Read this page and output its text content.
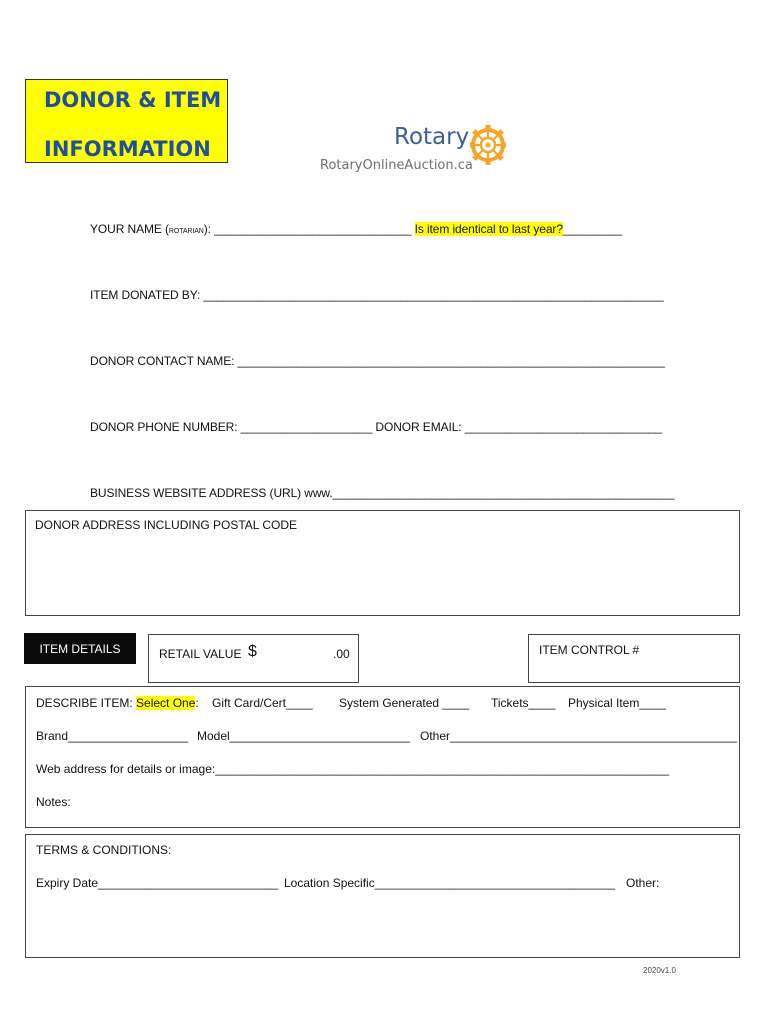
DONOR & ITEM
INFORMATION	Rotary
RotaryOnlineAuction.ca
YOUR NAME (ROTARIAN): ______________________________ Is item identical to last year?_________
ITEM DONATED BY: ______________________________________________________________________
DONOR CONTACT NAME: _________________________________________________________________
DONOR PHONE NUMBER: ____________________ DONOR EMAIL: ______________________________
BUSINESS WEBSITE ADDRESS (URL) www.____________________________________________________
DONOR ADDRESS INCLUDING POSTAL CODE
ITEM DETAILS	RETAIL VALUE $	.00	ITEM CONTROL #
DESCRIBE ITEM: Select One: Gift Card/Cert____ System Generated ____ Tickets____ Physical Item____
Brand__________________ Model___________________________ Other___________________________________________
Web address for details or image:____________________________________________________________________
Notes:
TERMS & CONDITIONS:
Expiry Date___________________________ Location Specific____________________________________ Other:
2020v1.0
